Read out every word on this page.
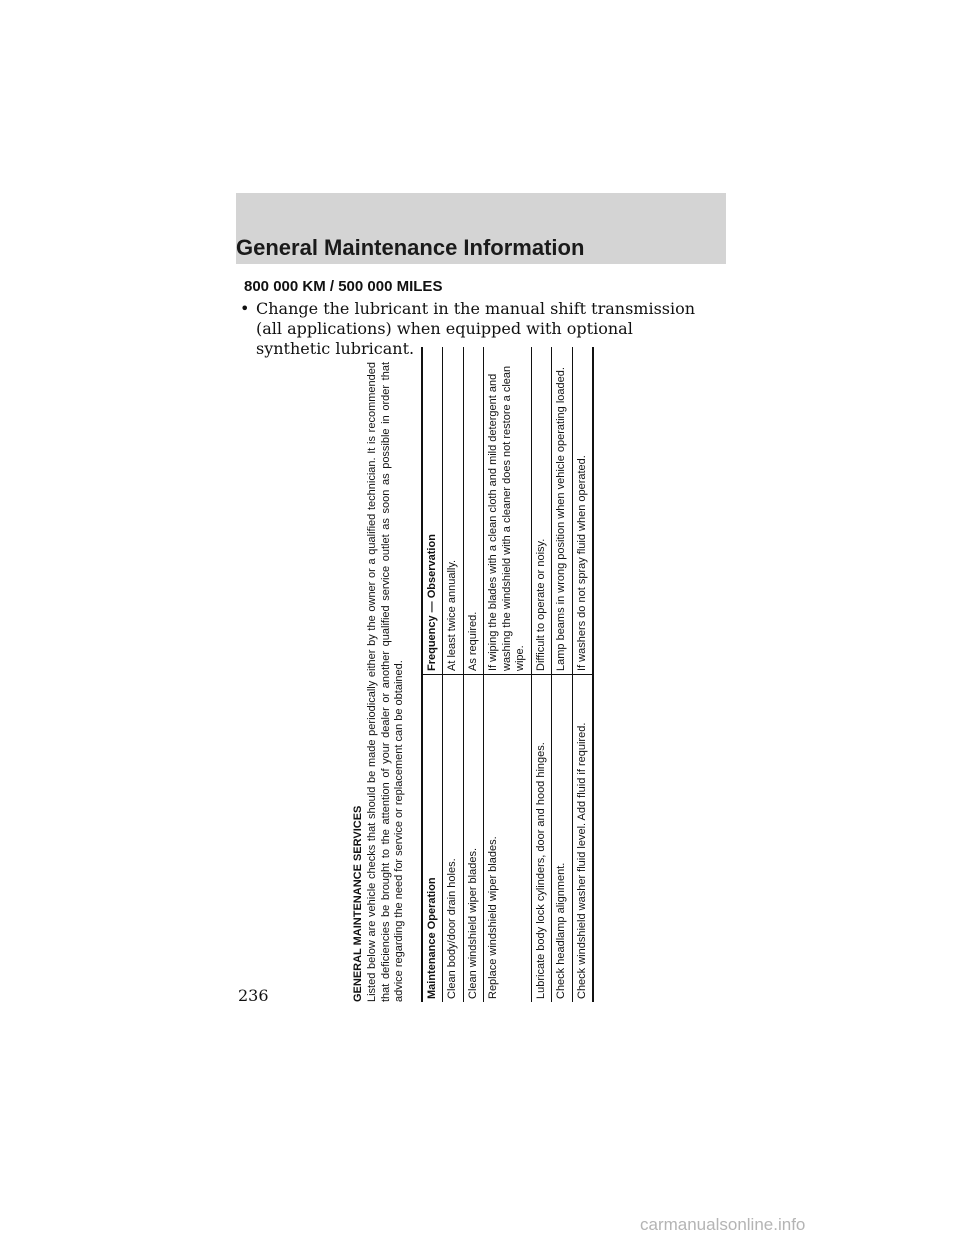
General Maintenance Information
800 000 KM / 500 000 MILES
• Change the lubricant in the manual shift transmission (all applications) when equipped with optional synthetic lubricant.

GENERAL MAINTENANCE SERVICES Listed below are vehicle checks that should be made periodically either by the owner or a qualified technician. It is recommended that deficiencies be brought to the attention of your dealer or another qualified service outlet as soon as possible in order that advice regarding the need for service or replacement can be obtained. Maintenance Operation	Frequency — Observation
Clean body/door drain holes.	At least twice annually.
Clean windshield wiper blades.	As required.
Replace windshield wiper blades.	If wiping the blades with a clean cloth and mild detergent and washing the windshield with a cleaner does not restore a clean wipe.
Lubricate body lock cylinders, door and hood hinges.	Difficult to operate or noisy.
Check headlamp alignment.	Lamp beams in wrong position when vehicle operating loaded.
Check windshield washer fluid level. Add fluid if required.	If washers do not spray fluid when operated.

236

carmanualsonline.info
